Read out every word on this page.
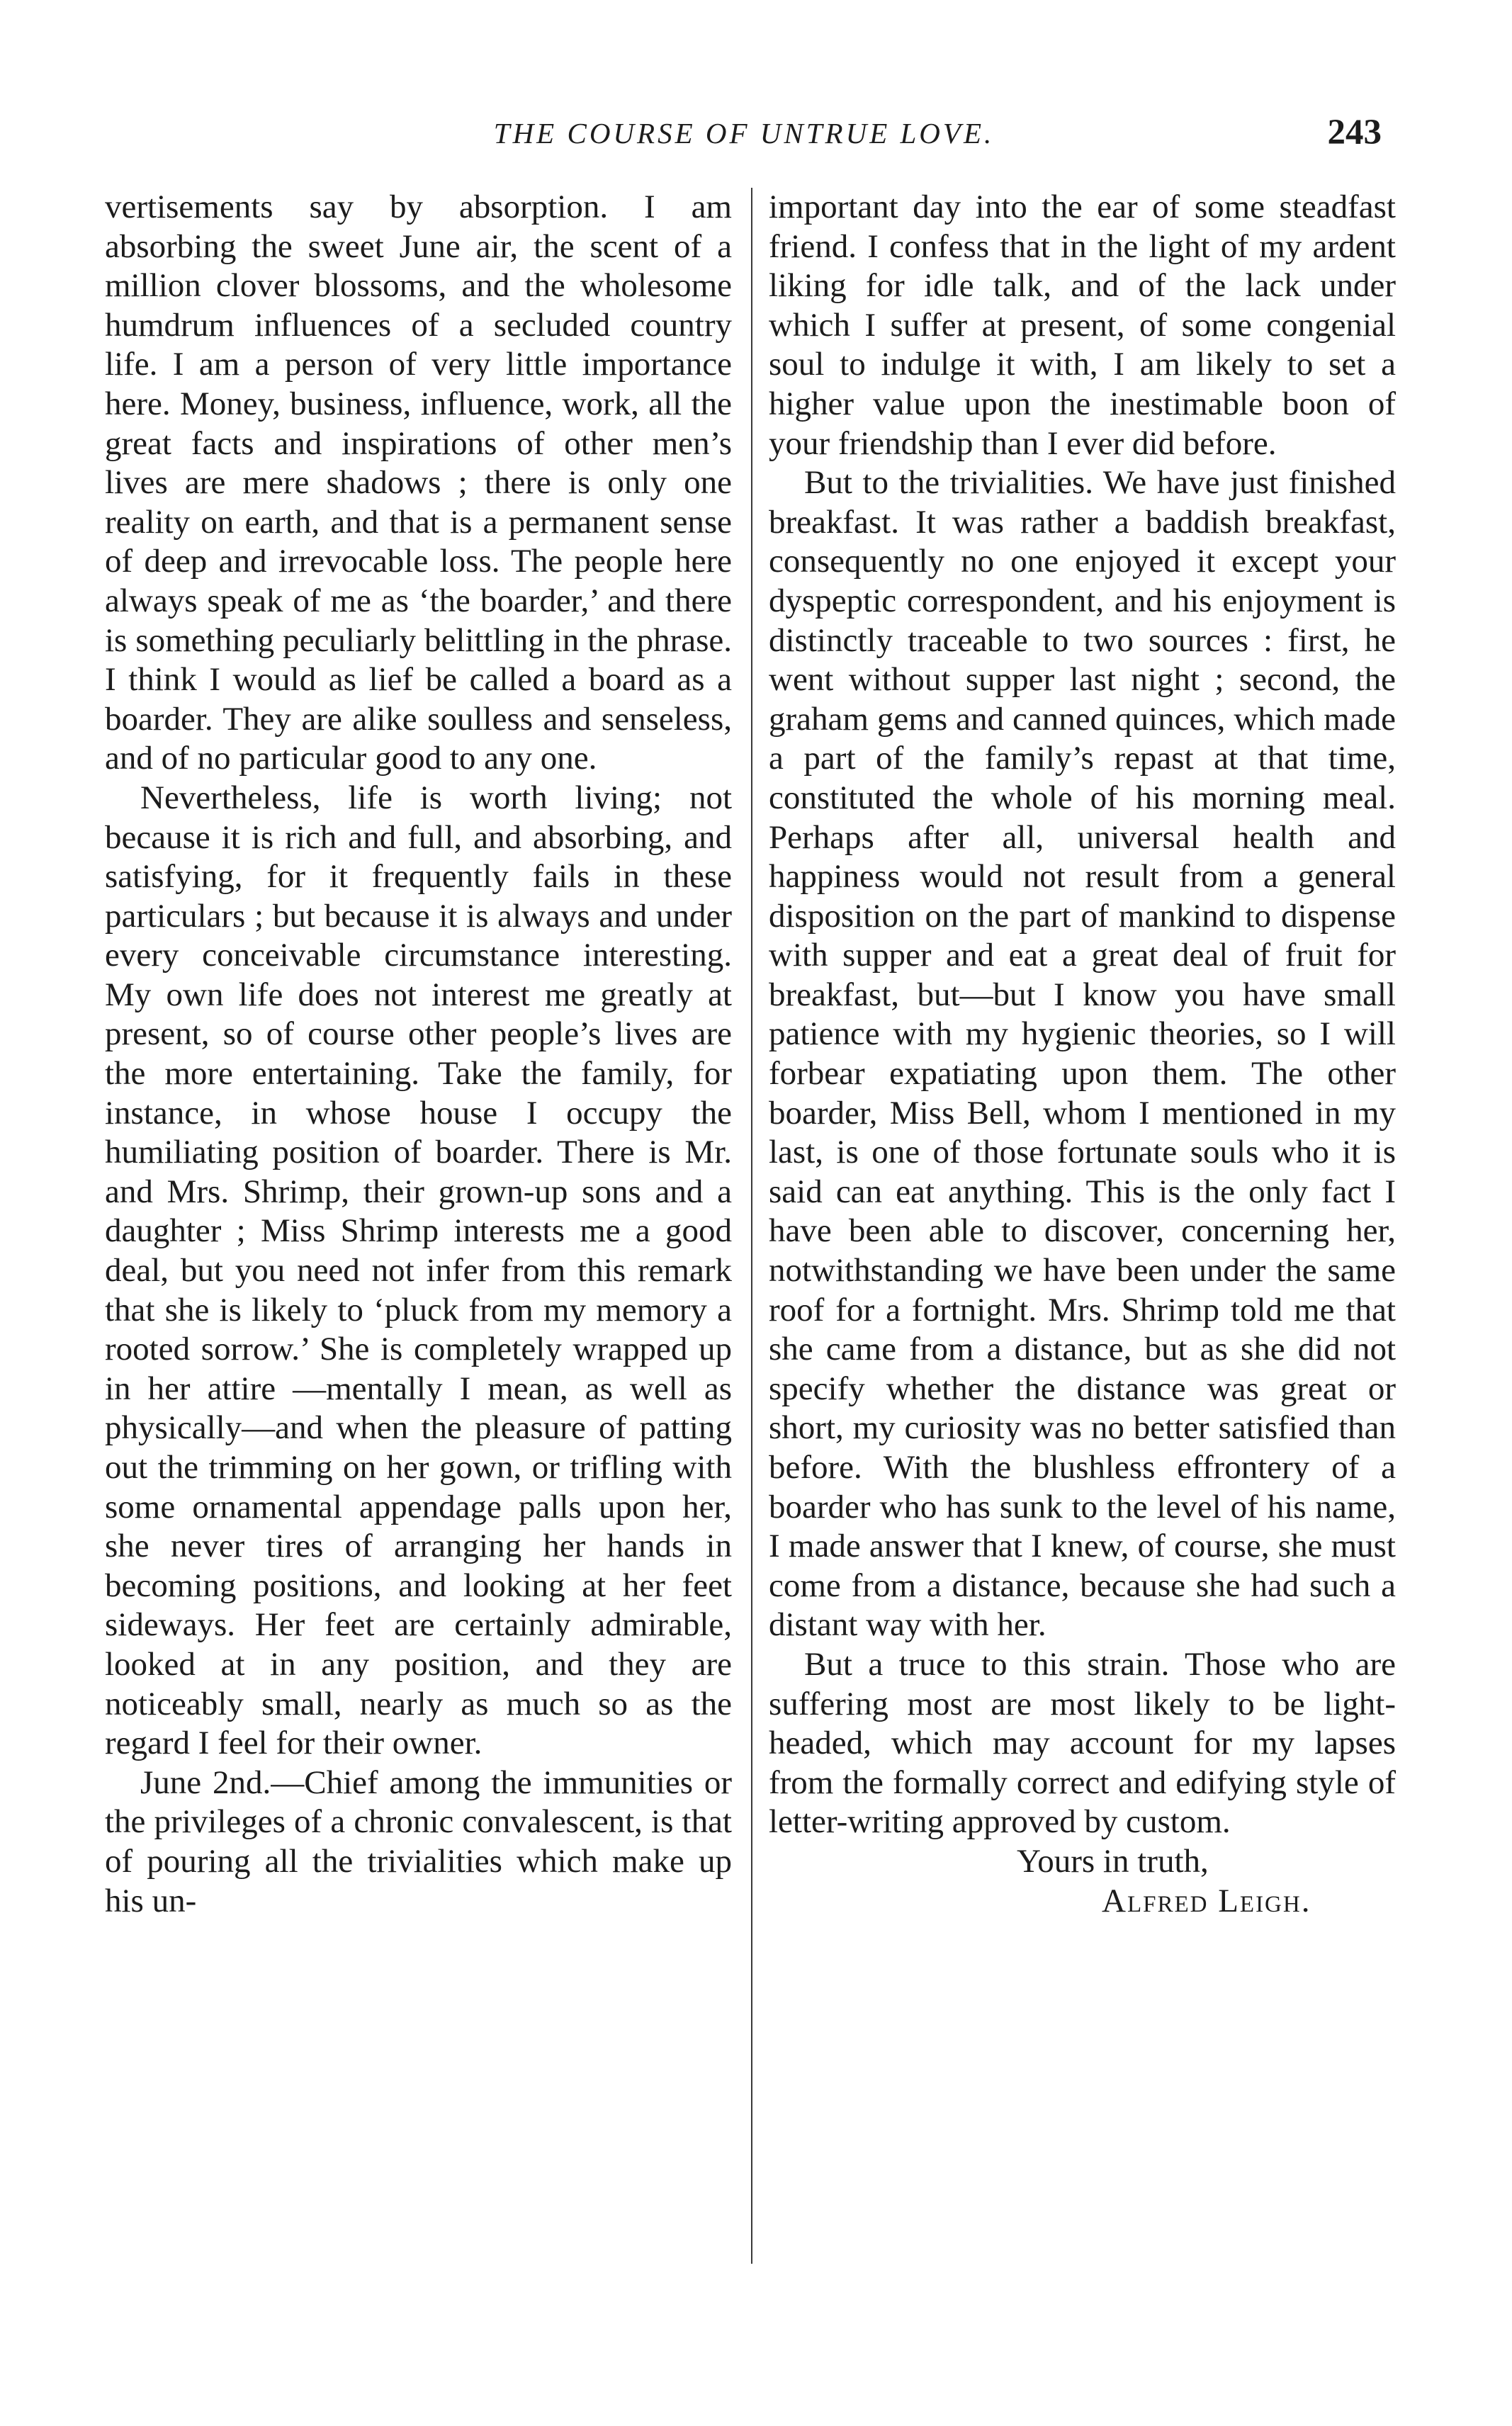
THE COURSE OF UNTRUE LOVE.	243

vertisements say by absorption. I am absorbing the sweet June air, the scent of a million clover blossoms, and the wholesome humdrum influences of a secluded country life. I am a person of very little importance here. Money, business, influence, work, all the great facts and inspirations of other men’s lives are mere shadows ; there is only one reality on earth, and that is a permanent sense of deep and irrevocable loss. The people here always speak of me as ‘the boarder,’ and there is something peculiarly belittling in the phrase. I think I would as lief be called a board as a boarder. They are alike soulless and senseless, and of no particular good to any one.

Nevertheless, life is worth living; not because it is rich and full, and absorbing, and satisfying, for it frequently fails in these particulars ; but because it is always and under every conceivable circumstance interesting. My own life does not interest me greatly at present, so of course other people’s lives are the more entertaining. Take the family, for instance, in whose house I occupy the humiliating position of boarder. There is Mr. and Mrs. Shrimp, their grown-up sons and a daughter ; Miss Shrimp interests me a good deal, but you need not infer from this remark that she is likely to ‘pluck from my memory a rooted sorrow.’ She is completely wrapped up in her attire —mentally I mean, as well as physically—and when the pleasure of patting out the trimming on her gown, or trifling with some ornamental appendage palls upon her, she never tires of arranging her hands in becoming positions, and looking at her feet sideways. Her feet are certainly admirable, looked at in any position, and they are noticeably small, nearly as much so as the regard I feel for their owner.

June 2nd.—Chief among the immunities or the privileges of a chronic convalescent, is that of pouring all the trivialities which make up his un-

important day into the ear of some steadfast friend. I confess that in the light of my ardent liking for idle talk, and of the lack under which I suffer at present, of some congenial soul to indulge it with, I am likely to set a higher value upon the inestimable boon of your friendship than I ever did before.

But to the trivialities. We have just finished breakfast. It was rather a baddish breakfast, consequently no one enjoyed it except your dyspeptic correspondent, and his enjoyment is distinctly traceable to two sources : first, he went without supper last night ; second, the graham gems and canned quinces, which made a part of the family’s repast at that time, constituted the whole of his morning meal. Perhaps after all, universal health and happiness would not result from a general disposition on the part of mankind to dispense with supper and eat a great deal of fruit for breakfast, but—but I know you have small patience with my hygienic theories, so I will forbear expatiating upon them. The other boarder, Miss Bell, whom I mentioned in my last, is one of those fortunate souls who it is said can eat anything. This is the only fact I have been able to discover, concerning her, notwithstanding we have been under the same roof for a fortnight. Mrs. Shrimp told me that she came from a distance, but as she did not specify whether the distance was great or short, my curiosity was no better satisfied than before. With the blushless effrontery of a boarder who has sunk to the level of his name, I made answer that I knew, of course, she must come from a distance, because she had such a distant way with her.

But a truce to this strain. Those who are suffering most are most likely to be light-headed, which may account for my lapses from the formally correct and edifying style of letter-writing approved by custom.

Yours in truth,
Alfred Leigh.
